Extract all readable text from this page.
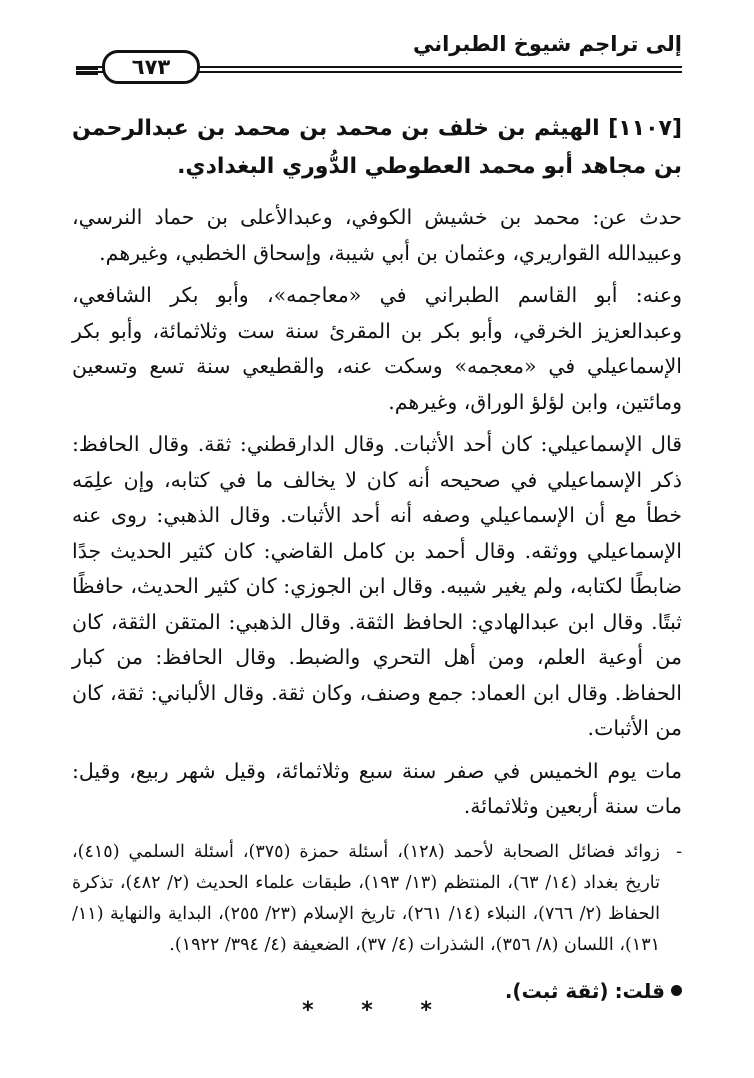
إلى تراجم شيوخ الطبراني
٦٧٣
[١١٠٧] الهيثم بن خلف بن محمد بن محمد بن عبدالرحمن بن مجاهد أبو محمد العطوطي الدُّوري البغدادي.

حدث عن: محمد بن خشيش الكوفي، وعبدالأعلى بن حماد النرسي، وعبيدالله القواريري، وعثمان بن أبي شيبة، وإسحاق الخطبي، وغيرهم.

وعنه: أبو القاسم الطبراني في «معاجمه»، وأبو بكر الشافعي، وعبدالعزيز الخرقي، وأبو بكر بن المقرئ سنة ست وثلاثمائة، وأبو بكر الإسماعيلي في «معجمه» وسكت عنه، والقطيعي سنة تسع وتسعين ومائتين، وابن لؤلؤ الوراق، وغيرهم.

قال الإسماعيلي: كان أحد الأثبات. وقال الدارقطني: ثقة. وقال الحافظ: ذكر الإسماعيلي في صحيحه أنه كان لا يخالف ما في كتابه، وإن علِمَه خطأ مع أن الإسماعيلي وصفه أنه أحد الأثبات. وقال الذهبي: روى عنه الإسماعيلي ووثقه. وقال أحمد بن كامل القاضي: كان كثير الحديث جدًا ضابطًا لكتابه، ولم يغير شيبه. وقال ابن الجوزي: كان كثير الحديث، حافظًا ثبتًا. وقال ابن عبدالهادي: الحافظ الثقة. وقال الذهبي: المتقن الثقة، كان من أوعية العلم، ومن أهل التحري والضبط. وقال الحافظ: من كبار الحفاظ. وقال ابن العماد: جمع وصنف، وكان ثقة. وقال الألباني: ثقة، كان من الأثبات.

مات يوم الخميس في صفر سنة سبع وثلاثمائة، وقيل شهر ربيع، وقيل: مات سنة أربعين وثلاثمائة.

-
زوائد فضائل الصحابة لأحمد (١٢٨)، أسئلة حمزة (٣٧٥)، أسئلة السلمي (٤١٥)، تاريخ بغداد (١٤/ ٦٣)، المنتظم (١٣/ ١٩٣)، طبقات علماء الحديث (٢/ ٤٨٢)، تذكرة الحفاظ (٢/ ٧٦٦)، النبلاء (١٤/ ٢٦١)، تاريخ الإسلام (٢٣/ ٢٥٥)، البداية والنهاية (١١/ ١٣١)، اللسان (٨/ ٣٥٦)، الشذرات (٤/ ٣٧)، الضعيفة (٤/ ٣٩٤/ ١٩٢٢).
قلت:
(ثقة ثبت).
* * *
